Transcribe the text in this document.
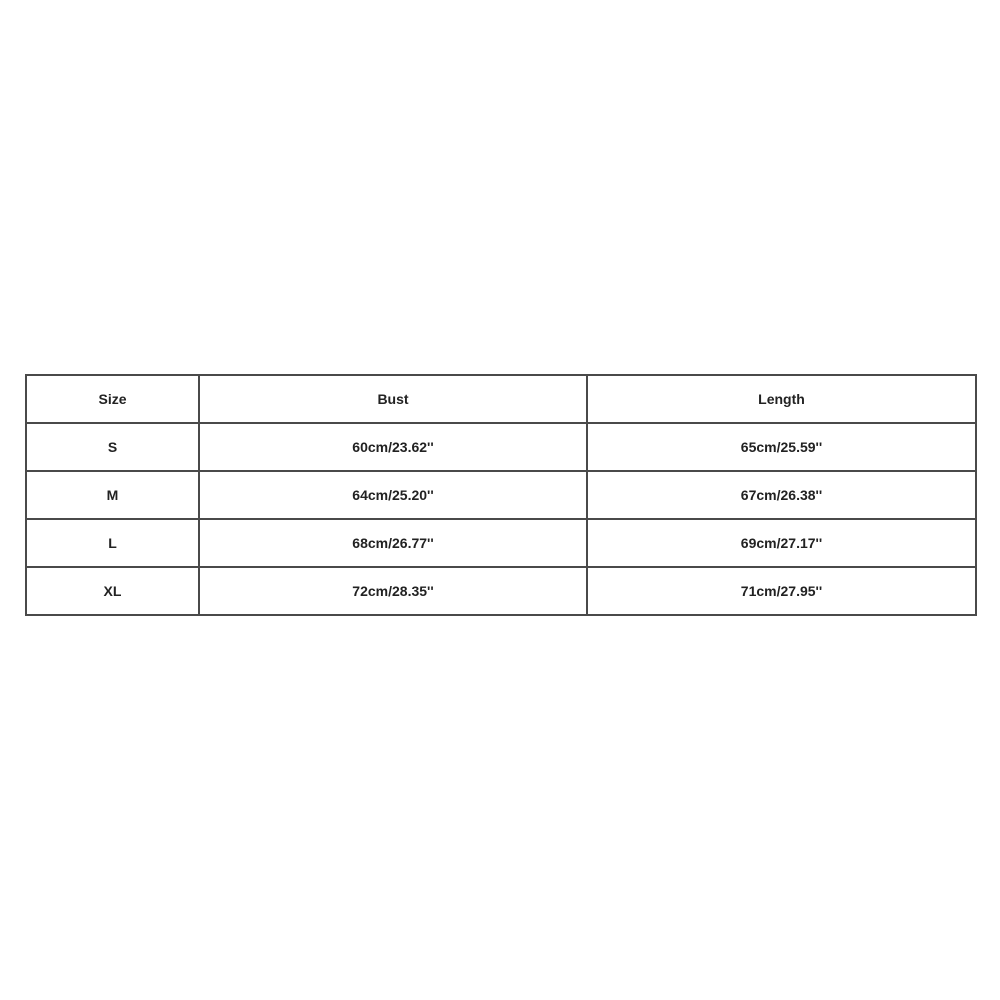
Size	Bust	Length
S	60cm/23.62''	65cm/25.59''
M	64cm/25.20''	67cm/26.38''
L	68cm/26.77''	69cm/27.17''
XL	72cm/28.35''	71cm/27.95''
